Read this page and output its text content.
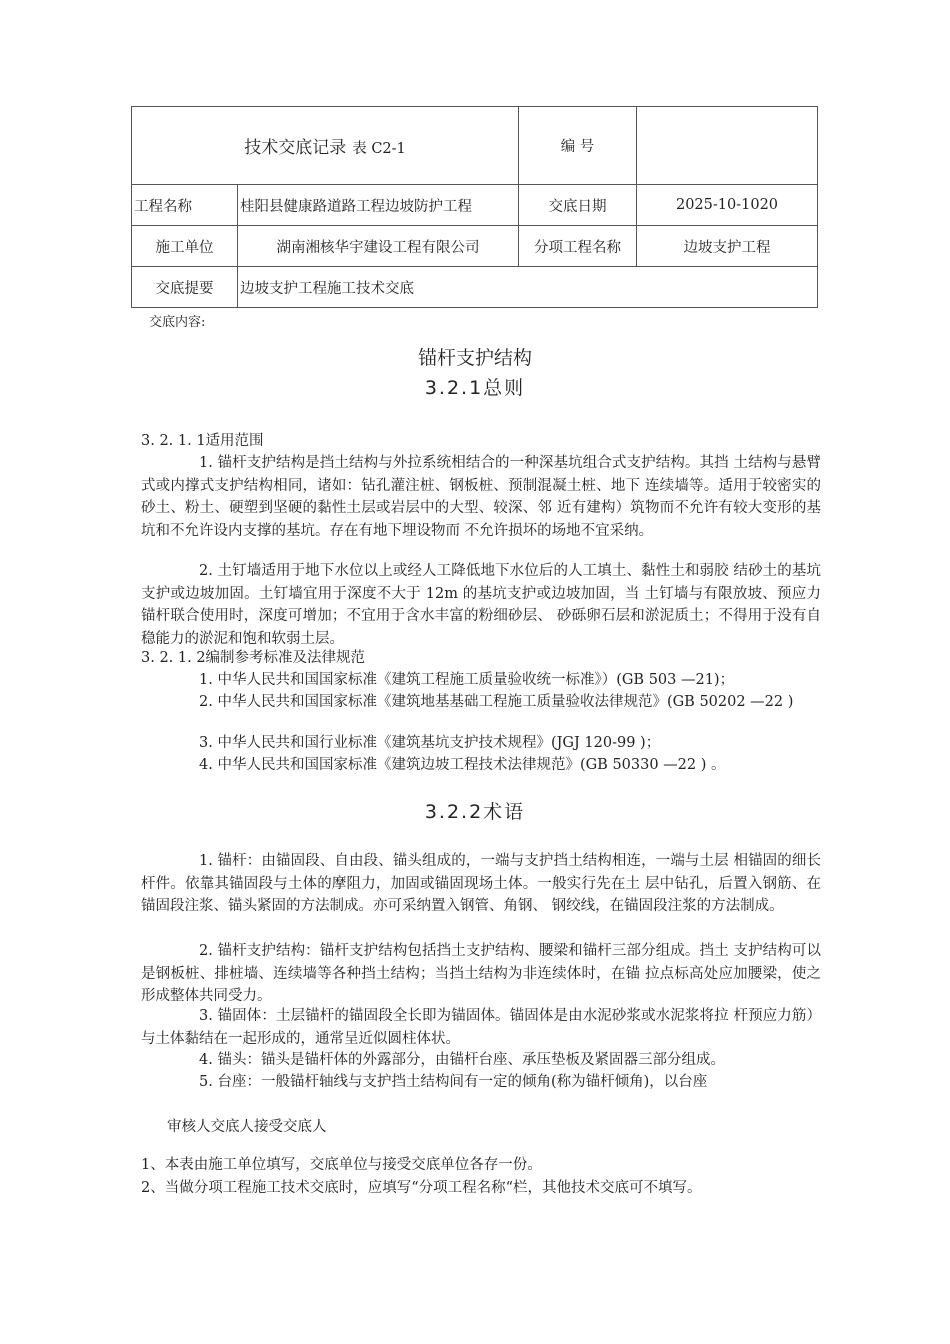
技术交底记录 表 C2-1		编 号	
工程名称	桂阳县健康路道路工程边坡防护工程	交底日期	2025-10-1020
施工单位	湖南湘核华宇建设工程有限公司	分项工程名称	边坡支护工程
交底提要	边坡支护工程施工技术交底		
交底内容:
锚杆支护结构
3.2.1总则
3. 2. 1. 1适用范围

1. 锚杆支护结构是挡土结构与外拉系统相结合的一种深基坑组合式支护结构。其挡 土结构与悬臂式或内撑式支护结构相同，诸如：钻孔灌注桩、钢板桩、预制混凝土桩、地下 连续墙等。适用于较密实的砂土、粉土、硬塑到坚硬的黏性土层或岩层中的大型、较深、邻 近有建构）筑物而不允许有较大变形的基坑和不允许设内支撑的基坑。存在有地下埋设物而 不允许损坏的场地不宜采纳。

2. 土钉墙适用于地下水位以上或经人工降低地下水位后的人工填土、黏性土和弱胶 结砂土的基坑支护或边坡加固。土钉墙宜用于深度不大于 12m 的基坑支护或边坡加固，当 土钉墙与有限放坡、预应力锚杆联合使用时，深度可增加；不宜用于含水丰富的粉细砂层、 砂砾卵石层和淤泥质土；不得用于没有自稳能力的淤泥和饱和软弱土层。

3. 2. 1. 2编制参考标准及法律规范
1. 中华人民共和国国家标准《建筑工程施工质量验收统一标准》）(GB 503 —21)；

2. 中华人民共和国国家标准《建筑地基基础工程施工质量验收法律规范》(GB 50202 —22 )

3. 中华人民共和国行业标准《建筑基坑支护技术规程》(JGJ 120-99 )；
4. 中华人民共和国国家标准《建筑边坡工程技术法律规范》(GB 50330 —22 ) 。
3.2.2术语

1. 锚杆：由锚固段、自由段、锚头组成的，一端与支护挡土结构相连，一端与土层 相锚固的细长杆件。依靠其锚固段与土体的摩阻力，加固或锚固现场土体。一般实行先在土 层中钻孔，后置入钢筋、在锚固段注浆、锚头紧固的方法制成。亦可采纳置入钢管、角钢、 钢绞线，在锚固段注浆的方法制成。

2. 锚杆支护结构：锚杆支护结构包括挡土支护结构、腰梁和锚杆三部分组成。挡土 支护结构可以是钢板桩、排桩墙、连续墙等各种挡土结构；当挡土结构为非连续体时，在锚 拉点标高处应加腰梁，使之形成整体共同受力。

3. 锚固体：土层锚杆的锚固段全长即为锚固体。锚固体是由水泥砂浆或水泥浆将拉 杆预应力筋）与土体黏结在一起形成的，通常呈近似圆柱体状。

4. 锚头：锚头是锚杆体的外露部分，由锚杆台座、承压垫板及紧固器三部分组成。

5. 台座：一般锚杆轴线与支护挡土结构间有一定的倾角(称为锚杆倾角)，以台座

审核人交底人接受交底人
1、本表由施工单位填写，交底单位与接受交底单位各存一份。
2、当做分项工程施工技术交底时，应填写“分项工程名称“栏，其他技术交底可不填写。
